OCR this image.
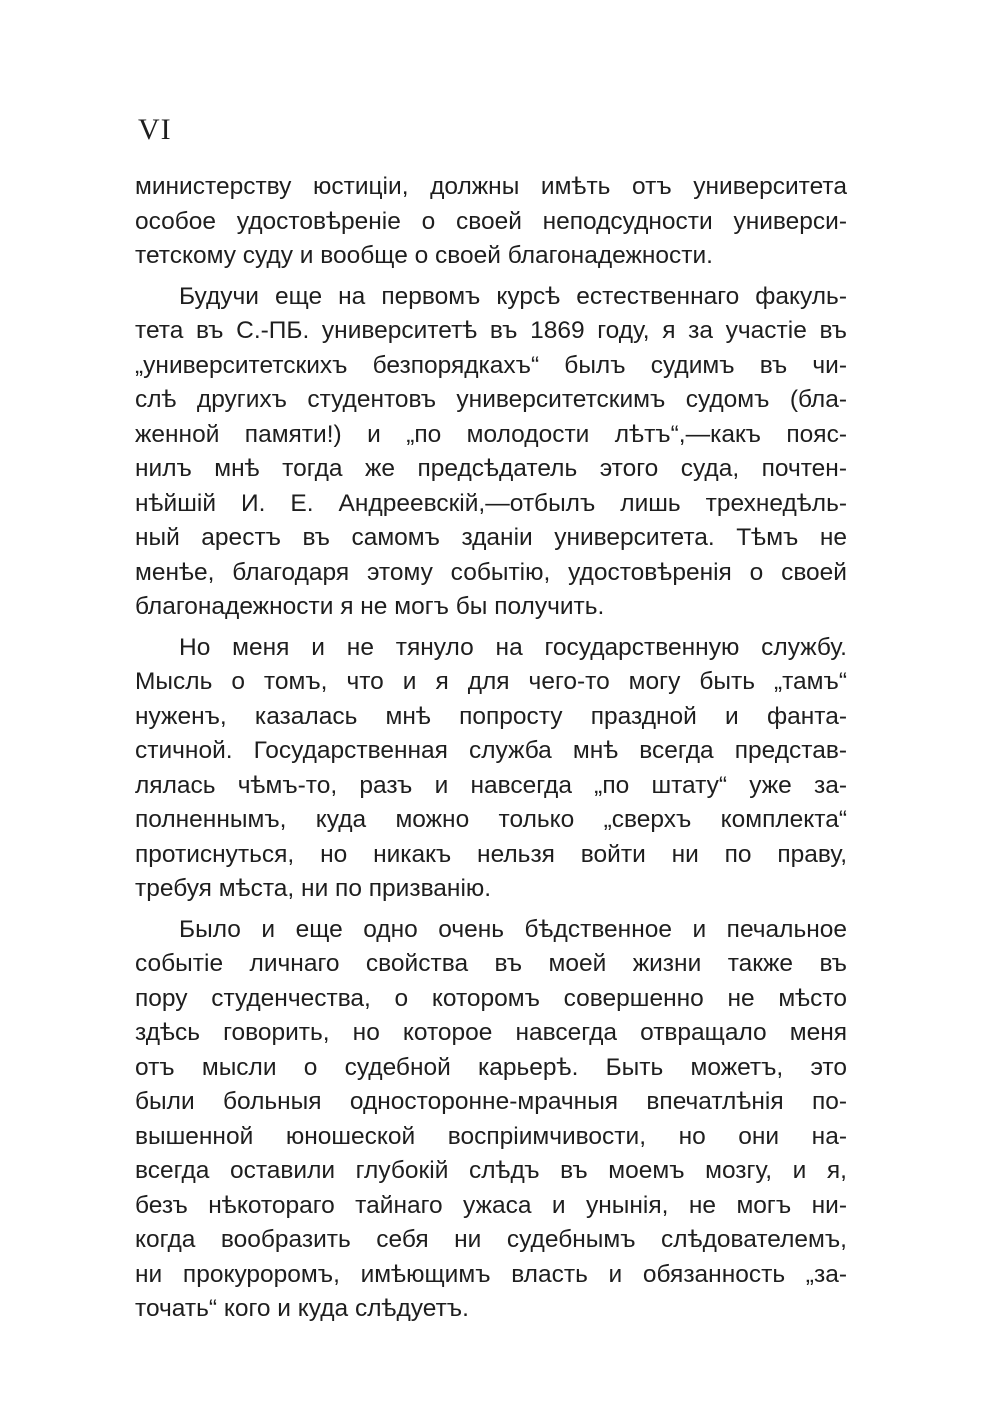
VI
министерству юстиціи, должны имѣть отъ университета
особое удостовѣреніе о своей неподсудности универси-
тетскому суду и вообще о своей благонадежности.
Будучи еще на первомъ курсѣ естественнаго факуль-
тета въ С.-ПБ. университетѣ въ 1869 году, я за участіе въ
„университетскихъ безпорядкахъ“ былъ судимъ въ чи-
слѣ другихъ студентовъ университетскимъ судомъ (бла-
женной памяти!) и „по молодости лѣтъ“,—какъ пояс-
нилъ мнѣ тогда же предсѣдатель этого суда, почтен-
нѣйшій И. Е. Андреевскій,—отбылъ лишь трехнедѣль-
ный арестъ въ самомъ зданіи университета. Тѣмъ не
менѣе, благодаря этому событію, удостовѣренія о своей
благонадежности я не могъ бы получить.
Но меня и не тянуло на государственную службу.
Мысль о томъ, что и я для чего-то могу быть „тамъ“
нуженъ, казалась мнѣ попросту праздной и фанта-
стичной. Государственная служба мнѣ всегда представ-
лялась чѣмъ-то, разъ и навсегда „по штату“ уже за-
полненнымъ, куда можно только „сверхъ комплекта“
протиснуться, но никакъ нельзя войти ни по праву,
требуя мѣста, ни по призванію.
Было и еще одно очень бѣдственное и печальное
событіе личнаго свойства въ моей жизни также въ
пору студенчества, о которомъ совершенно не мѣсто
здѣсь говорить, но которое навсегда отвращало меня
отъ мысли о судебной карьерѣ. Быть можетъ, это
были больныя односторонне-мрачныя впечатлѣнія по-
вышенной юношеской воспріимчивости, но они на-
всегда оставили глубокій слѣдъ въ моемъ мозгу, и я,
безъ нѣкотораго тайнаго ужаса и унынія, не могъ ни-
когда вообразить себя ни судебнымъ слѣдователемъ,
ни прокуроромъ, имѣющимъ власть и обязанность „за-
точать“ кого и куда слѣдуетъ.
